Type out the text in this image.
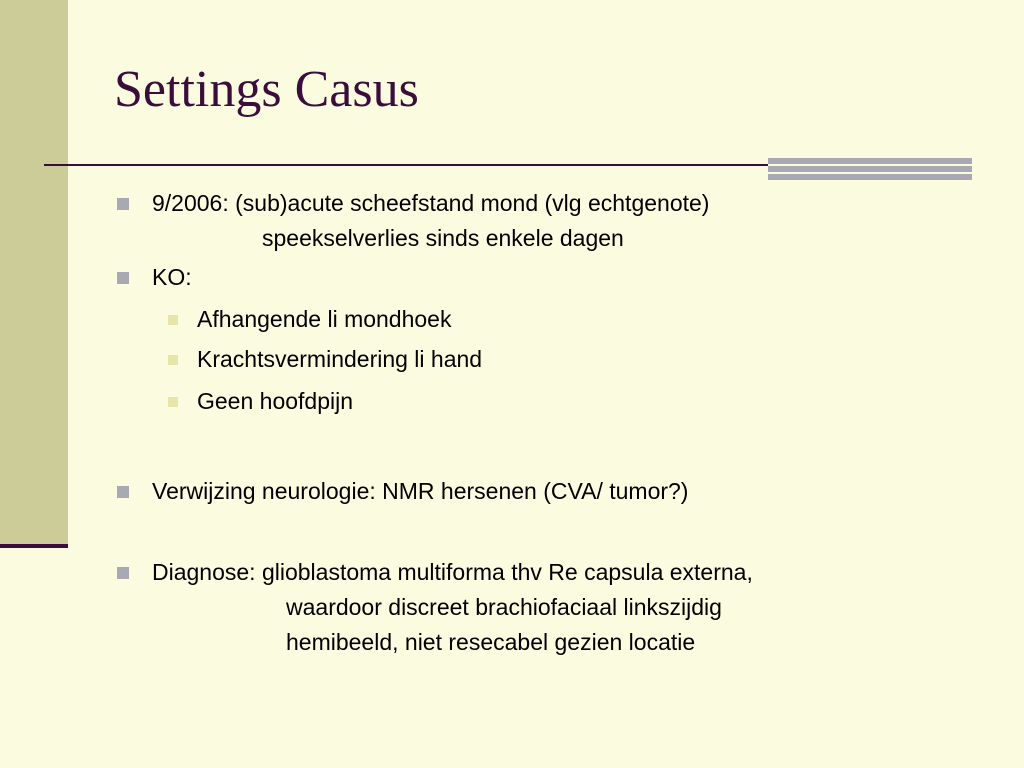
Settings Casus
9/2006: (sub)acute scheefstand mond (vlg echtgenote)
speekselverlies sinds enkele dagen
KO:
Afhangende li mondhoek
Krachtsvermindering li hand
Geen hoofdpijn
Verwijzing neurologie: NMR hersenen (CVA/ tumor?)
Diagnose: glioblastoma multiforma thv Re capsula externa,
waardoor discreet brachiofaciaal linkszijdig
hemibeeld, niet resecabel gezien locatie
